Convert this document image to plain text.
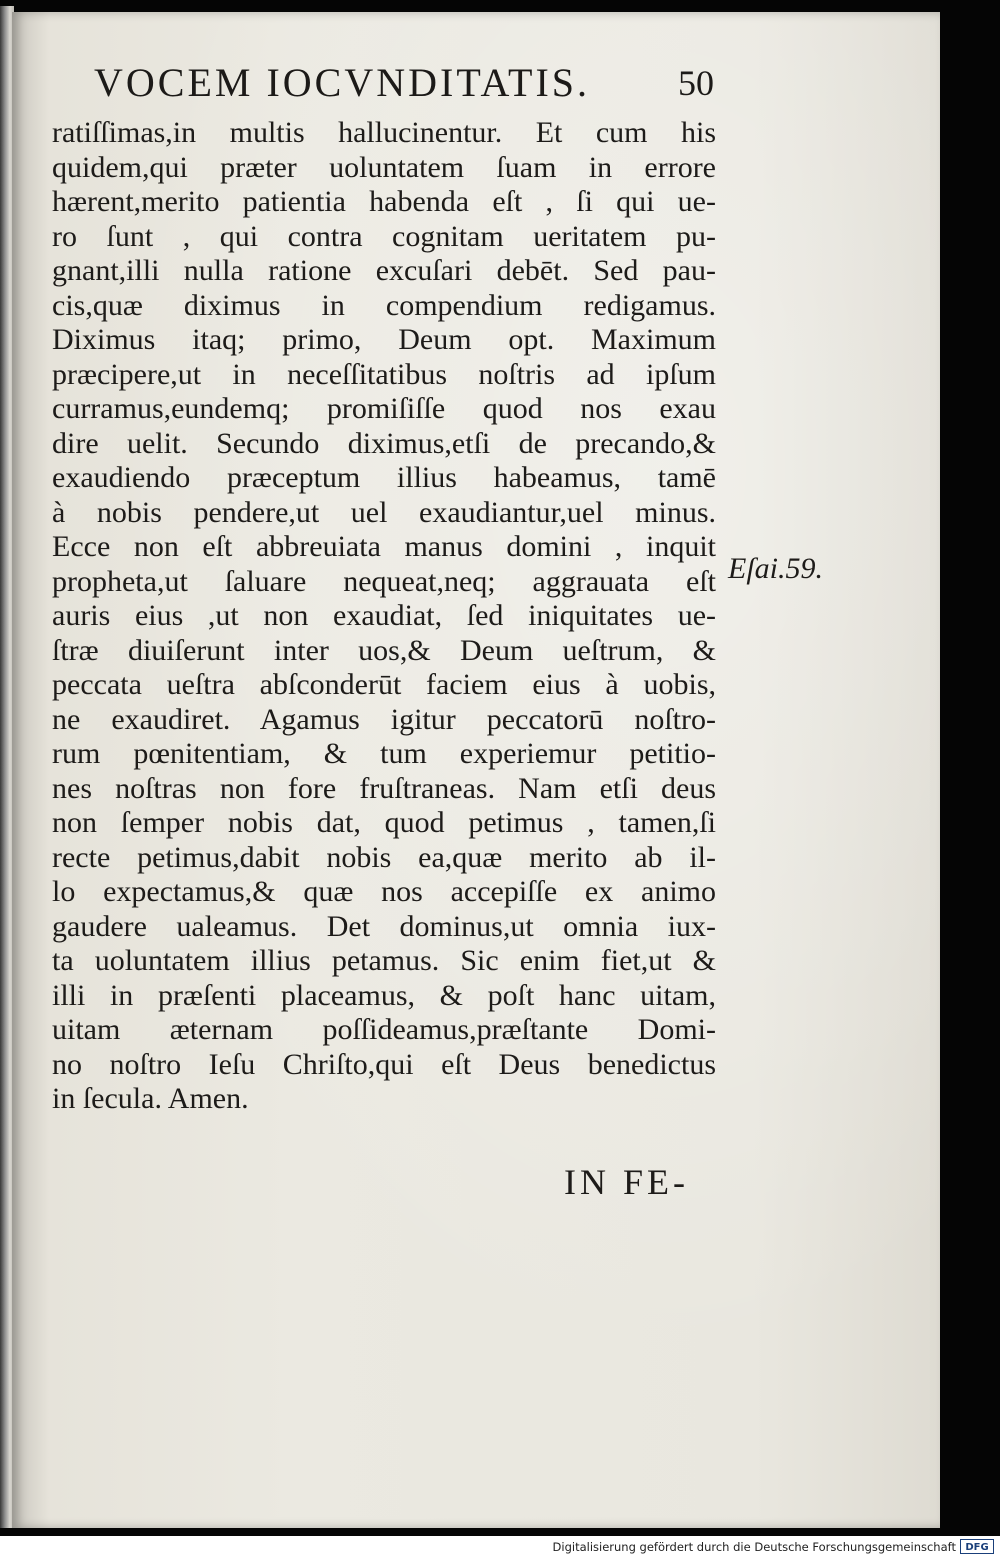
VOCEM IOCVNDITATIS. 50
ratiſſimas,in multis hallucinentur. Et cum his
quidem,qui præter uoluntatem ſuam in errore
hærent,merito patientia habenda eſt , ſi qui ue-
ro ſunt , qui contra cognitam ueritatem pu-
gnant,illi nulla ratione excuſari debēt. Sed pau-
cis,quæ diximus in compendium redigamus.
Diximus itaq; primo, Deum opt. Maximum
præcipere,ut in neceſſitatibus noſtris ad ipſum
curramus,eundemq; promiſiſſe quod nos exau
dire uelit. Secundo diximus,etſi de precando,&
exaudiendo præceptum illius habeamus, tamē
à nobis pendere,ut uel exaudiantur,uel minus.
Ecce non eſt abbreuiata manus domini , inquit
propheta,ut ſaluare nequeat,neq; aggrauata eſt
auris eius ,ut non exaudiat, ſed iniquitates ue-
ſtræ diuiſerunt inter uos,& Deum ueſtrum, &
peccata ueſtra abſconderūt faciem eius à uobis,
ne exaudiret. Agamus igitur peccatorū noſtro-
rum pœnitentiam, & tum experiemur petitio-
nes noſtras non fore fruſtraneas. Nam etſi deus
non ſemper nobis dat, quod petimus , tamen,ſi
recte petimus,dabit nobis ea,quæ merito ab il-
lo expectamus,& quæ nos accepiſſe ex animo
gaudere ualeamus. Det dominus,ut omnia iux-
ta uoluntatem illius petamus. Sic enim fiet,ut &
illi in præſenti placeamus, & poſt hanc uitam,
uitam æternam poſſideamus,præſtante Domi-
no noſtro Ieſu Chriſto,qui eſt Deus benedictus
in ſecula. Amen.
Eſai.59.
IN FE-
Digitalisierung gefördert durch die Deutsche Forschungsgemeinschaft DFG
